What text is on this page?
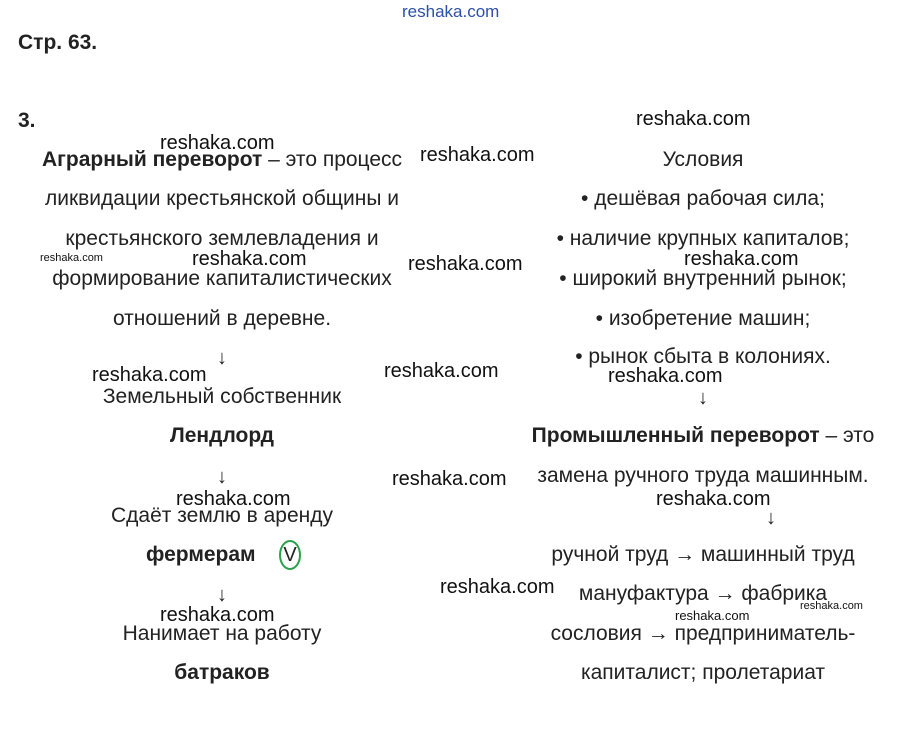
reshaka.com
Стр. 63.
3.
Аграрный переворот – это процесс
ликвидации крестьянской общины и
крестьянского землевладения и
формирование капиталистических
отношений в деревне.
↓
Земельный собственник
Лендлорд
↓
Сдаёт землю в аренду
фермерам V
↓
Нанимает на работу
батраков
Условия
• дешёвая рабочая сила;
• наличие крупных капиталов;
• широкий внутренний рынок;
• изобретение машин;
• рынок сбыта в колониях.
↓
Промышленный переворот – это
замена ручного труда машинным.
↓
ручной труд → машинный труд
мануфактура → фабрика
сословия → предприниматель-
капиталист; пролетариат
reshaka.com
reshaka.com
reshaka.com
reshaka.com	reshaka.com	reshaka.com	reshaka.com
reshaka.com	reshaka.com	reshaka.com
reshaka.com
reshaka.com	reshaka.com
reshaka.com
reshaka.com	reshaka.com
reshaka.com
